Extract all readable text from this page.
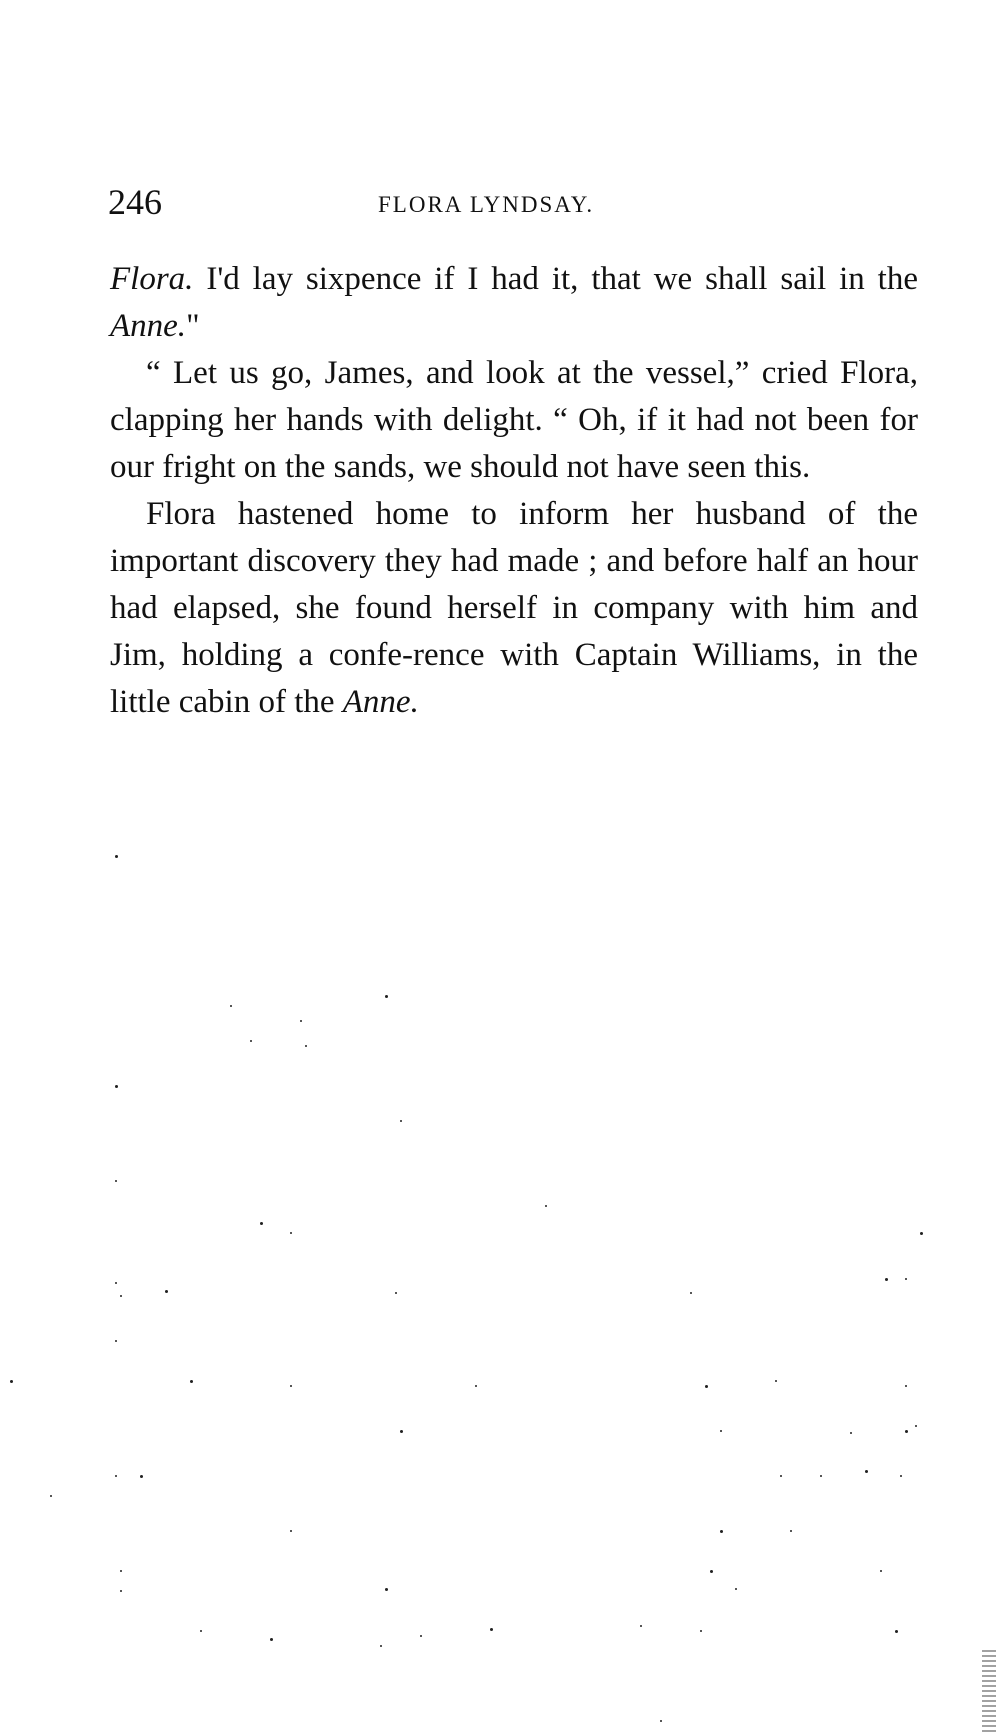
246	FLORA LYNDSAY.

Flora. I'd lay sixpence if I had it, that we shall sail in the Anne."

“ Let us go, James, and look at the vessel,” cried Flora, clapping her hands with delight. “ Oh, if it had not been for our fright on the sands, we should not have seen this.

Flora hastened home to inform her husband of the important discovery they had made ; and before half an hour had elapsed, she found herself in company with him and Jim, holding a confe-rence with Captain Williams, in the little cabin of the Anne.
